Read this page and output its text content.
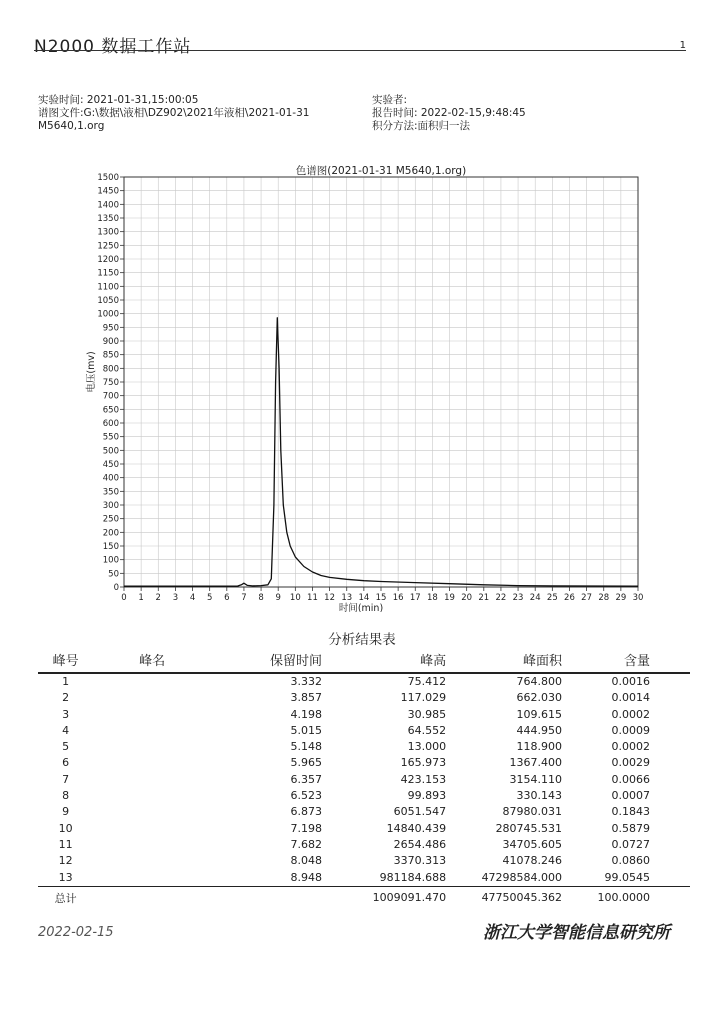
N2000 数据工作站	1
实验时间: 2021-01-31,15:00:05
谱图文件:G:\数据\液相\DZ902\2021年液相\2021-01-31
M5640,1.org
实验者:
报告时间: 2022-02-15,9:48:45
积分方法:面积归一法
色谱图(2021-01-31 M5640,1.org)
0
50
100
150
200
250
300
350
400
450
500
550
600
650
700
750
800
850
900
950
1000
1050
1100
1150
1200
1250
1300
1350
1400
1450
1500
0 1 2 3 4 5 6 7 8 9 10 11 12 13 14 15 16 17 18 19 20 21 22 23 24 25 26 27 28 29 30
时间(min)
电压(mv)
分析结果表
峰号	峰名	保留时间	峰高	峰面积	含量
1		3.332	75.412	764.800	0.0016
2		3.857	117.029	662.030	0.0014
3		4.198	30.985	109.615	0.0002
4		5.015	64.552	444.950	0.0009
5		5.148	13.000	118.900	0.0002
6		5.965	165.973	1367.400	0.0029
7		6.357	423.153	3154.110	0.0066
8		6.523	99.893	330.143	0.0007
9		6.873	6051.547	87980.031	0.1843
10		7.198	14840.439	280745.531	0.5879
11		7.682	2654.486	34705.605	0.0727
12		8.048	3370.313	41078.246	0.0860
13		8.948	981184.688	47298584.000	99.0545
总计			1009091.470	47750045.362	100.0000
2022-02-15	浙江大学智能信息研究所
